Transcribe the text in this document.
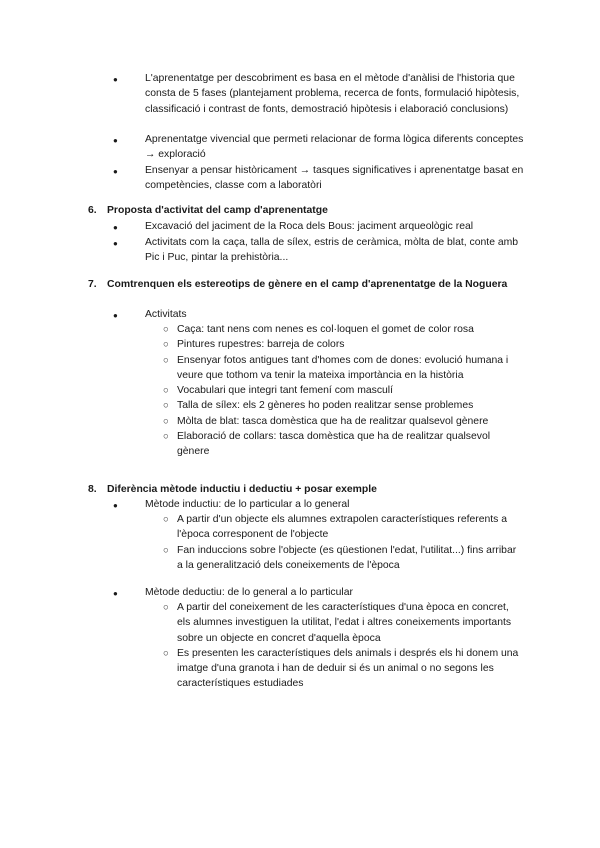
●	L'aprenentatge per descobriment es basa en el mètode d'anàlisi de l'historia que consta de 5 fases (plantejament problema, recerca de fonts, formulació hipòtesis, classificació i contrast de fonts, demostració hipòtesis i elaboració conclusions)
●	Aprenentatge vivencial que permeti relacionar de forma lògica diferents conceptes → exploració
●	Ensenyar a pensar històricament → tasques significatives i aprenentatge basat en competències, classe com a laboratòri
6. Proposta d'activitat del camp d'aprenentatge
●	Excavació del jaciment de la Roca dels Bous: jaciment arqueològic real
●	Activitats com la caça, talla de sílex, estris de ceràmica, mòlta de blat, conte amb Pic i Puc, pintar la prehistòria...
7. Comtrenquen els estereotips de gènere en el camp d'aprenentatge de la Noguera
●	Activitats
○ Caça: tant nens com nenes es col·loquen el gomet de color rosa
○ Pintures rupestres: barreja de colors
○ Ensenyar fotos antigues tant d'homes com de dones: evolució humana i veure que tothom va tenir la mateixa importància en la història
○ Vocabulari que integri tant femení com masculí
○ Talla de sílex: els 2 gèneres ho poden realitzar sense problemes
○ Mòlta de blat: tasca domèstica que ha de realitzar qualsevol gènere
○ Elaboració de collars: tasca domèstica que ha de realitzar qualsevol gènere
8. Diferència mètode inductiu i deductiu + posar exemple
●	Mètode inductiu: de lo particular a lo general
○ A partir d'un objecte els alumnes extrapolen característiques referents a l'època corresponent de l'objecte
○ Fan induccions sobre l'objecte (es qüestionen l'edat, l'utilitat...) fins arribar a la generalització dels coneixements de l'època
●	Mètode deductiu: de lo general a lo particular
○ A partir del coneixement de les característiques d'una època en concret, els alumnes investiguen la utilitat, l'edat i altres coneixements importants sobre un objecte en concret d'aquella època
○ Es presenten les característiques dels animals i després els hi donem una imatge d'una granota i han de deduir si és un animal o no segons les característiques estudiades
